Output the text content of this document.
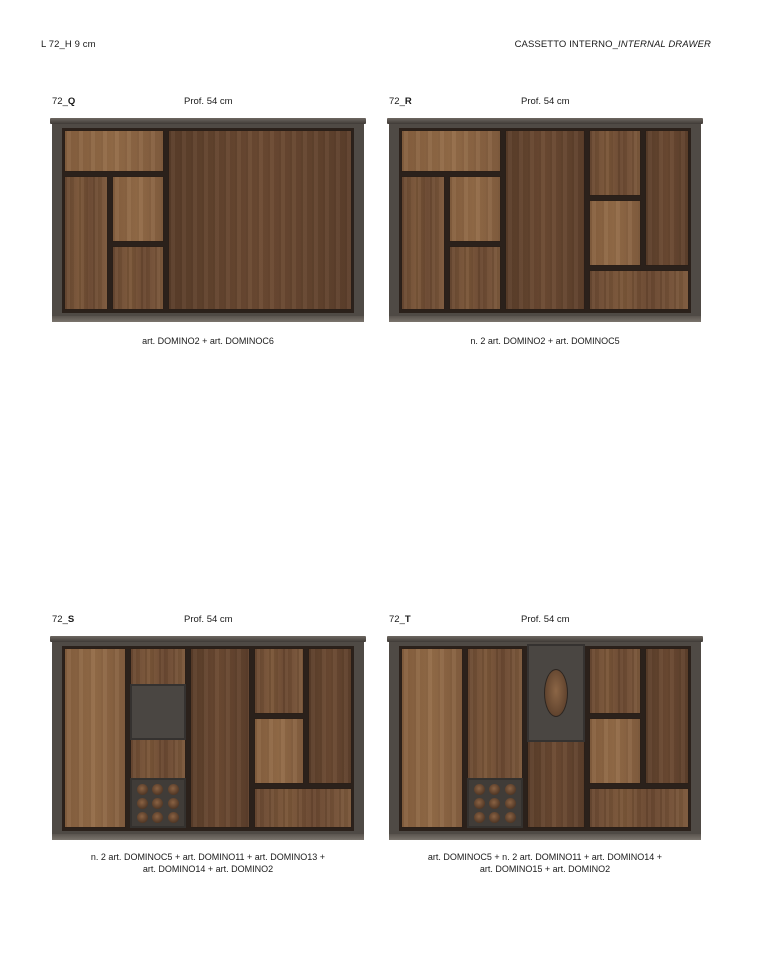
L 72_H 9 cm	CASSETTO INTERNO_INTERNAL DRAWER
72_Q	Prof. 54 cm
art. DOMINO2 + art. DOMINOC6
72_R	Prof. 54 cm
n. 2 art. DOMINO2 + art. DOMINOC5
72_S	Prof. 54 cm
n. 2 art. DOMINOC5 + art. DOMINO11 + art. DOMINO13 +
art. DOMINO14 + art. DOMINO2
72_T	Prof. 54 cm
art. DOMINOC5 + n. 2 art. DOMINO11 + art. DOMINO14 +
art. DOMINO15 + art. DOMINO2
